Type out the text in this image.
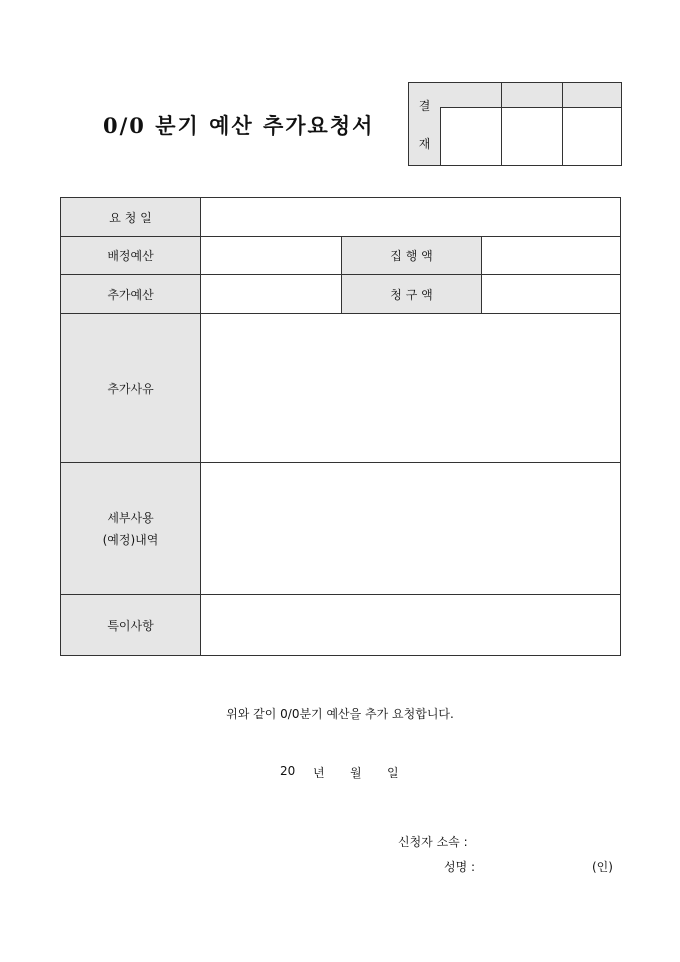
0/0 분기 예산 추가요청서
결
재
요 청 일
배정예산	집 행 액
추가예산	청 구 액
추가사유
세부사용
(예정)내역
특이사항
위와 같이 0/0분기 예산을 추가 요청합니다.
20 년 월 일
신청자 소속 :
성명 :	(인)
